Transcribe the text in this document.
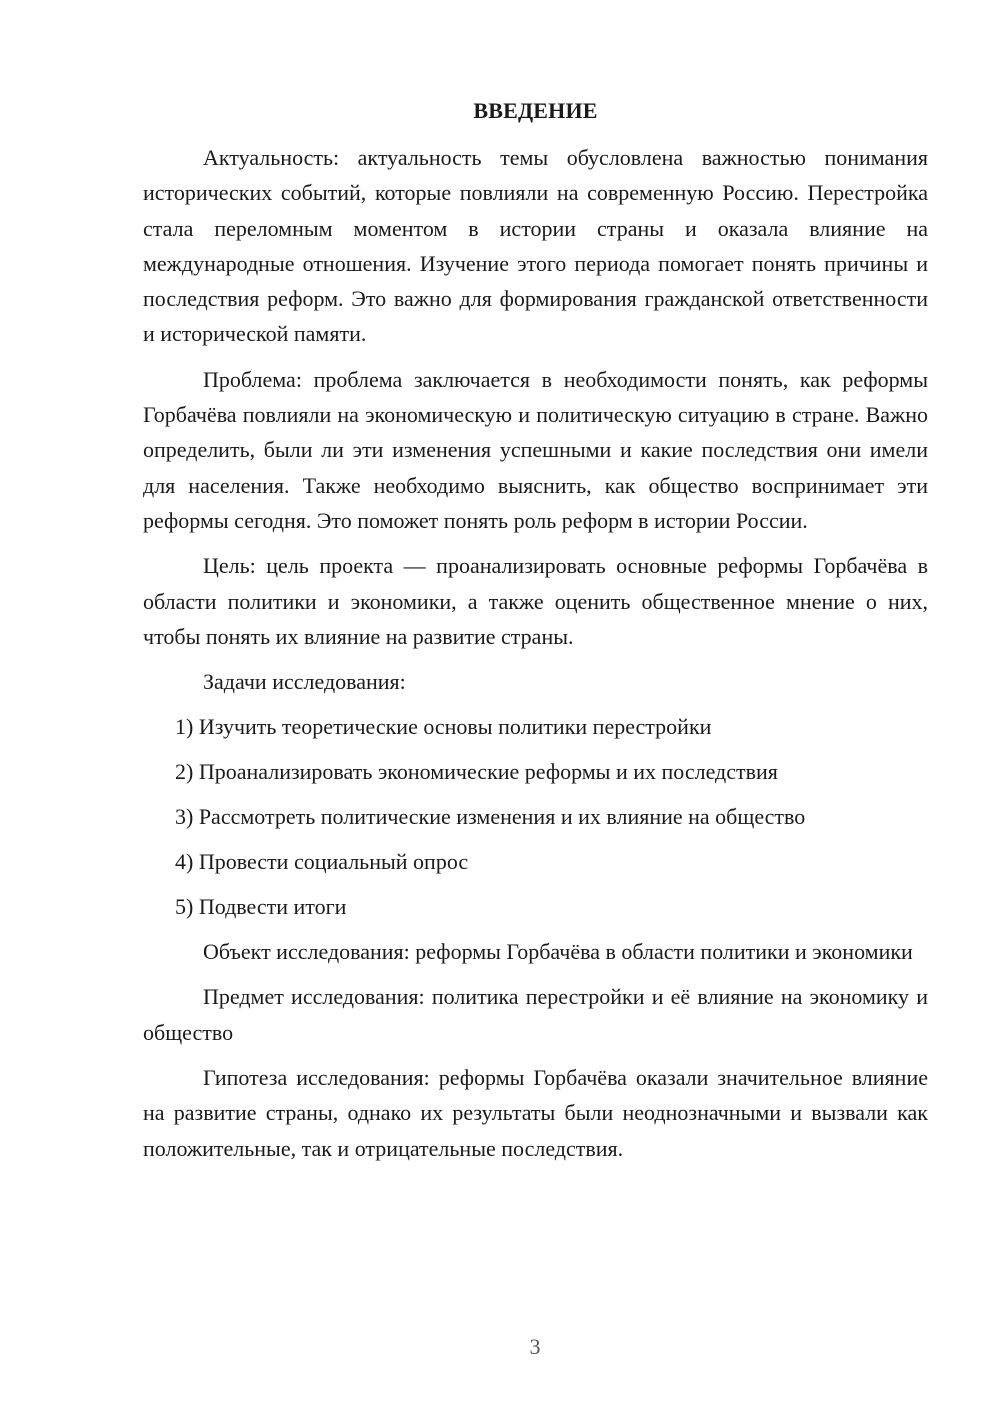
ВВЕДЕНИЕ

Актуальность: актуальность темы обусловлена важностью понимания исторических событий, которые повлияли на современную Россию. Перестройка стала переломным моментом в истории страны и оказала влияние на международные отношения. Изучение этого периода помогает понять причины и последствия реформ. Это важно для формирования гражданской ответственности и исторической памяти.

Проблема: проблема заключается в необходимости понять, как реформы Горбачёва повлияли на экономическую и политическую ситуацию в стране. Важно определить, были ли эти изменения успешными и какие последствия они имели для населения. Также необходимо выяснить, как общество воспринимает эти реформы сегодня. Это поможет понять роль реформ в истории России.

Цель: цель проекта — проанализировать основные реформы Горбачёва в области политики и экономики, а также оценить общественное мнение о них, чтобы понять их влияние на развитие страны.

Задачи исследования:

1) Изучить теоретические основы политики перестройки
2) Проанализировать экономические реформы и их последствия
3) Рассмотреть политические изменения и их влияние на общество
4) Провести социальный опрос
5) Подвести итоги

Объект исследования: реформы Горбачёва в области политики и экономики

Предмет исследования: политика перестройки и её влияние на экономику и общество

Гипотеза исследования: реформы Горбачёва оказали значительное влияние на развитие страны, однако их результаты были неоднозначными и вызвали как положительные, так и отрицательные последствия.

3
